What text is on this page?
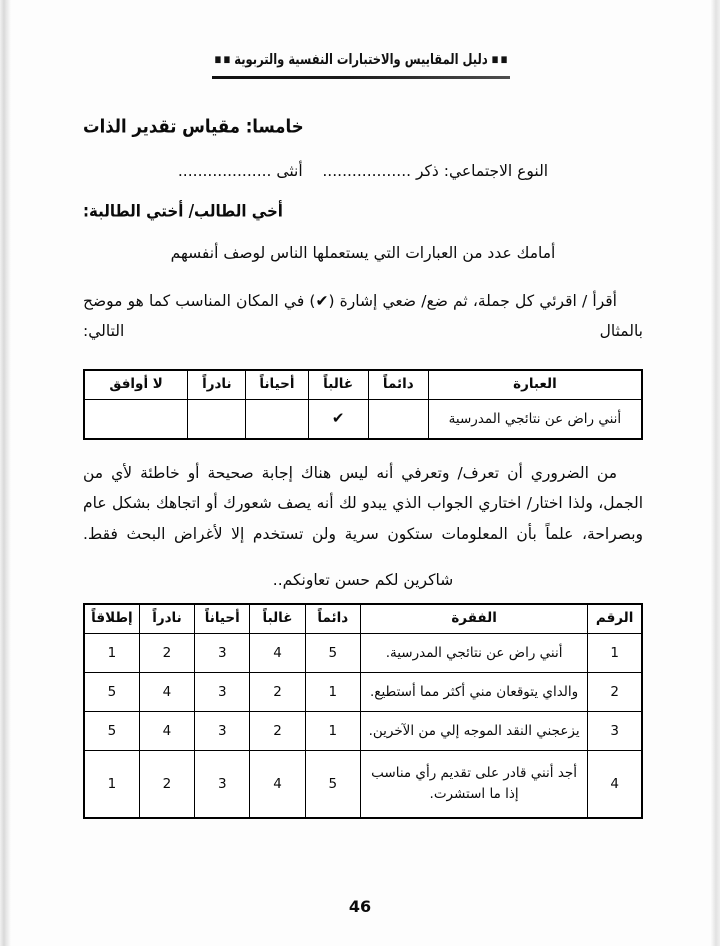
■ ■ دليل المقاييس والاختبارات النفسية والتربوية ■ ■
خامسا: مقياس تقدير الذات
النوع الاجتماعي: ذكر ..................    أنثى ...................
أخي الطالب/ أختي الطالبة:
أمامك عدد من العبارات التي يستعملها الناس لوصف أنفسهم
أقرأ / اقرئي كل جملة، ثم ضع/ ضعي إشارة (✔) في المكان المناسب كما هو موضح بالمثال التالي:
العبارة	دائماً	غالباً	أحياناً	نادراً	لا أوافق
أنني راض عن نتائجي المدرسية		✔			
من الضروري أن تعرف/ وتعرفي أنه ليس هناك إجابة صحيحة أو خاطئة لأي من الجمل، ولذا اختار/ اختاري الجواب الذي يبدو لك أنه يصف شعورك أو اتجاهك بشكل عام وبصراحة، علماً بأن المعلومات ستكون سرية ولن تستخدم إلا لأغراض البحث فقط.
شاكرين لكم حسن تعاونكم..
الرقم	الفقرة	دائماً	غالباً	أحياناً	نادراً	إطلاقاً
1	أنني راض عن نتائجي المدرسية.	5	4	3	2	1
2	والداي يتوقعان مني أكثر مما أستطيع.	1	2	3	4	5
3	يزعجني النقد الموجه إلي من الآخرين.	1	2	3	4	5
4	أجد أنني قادر على تقديم رأي مناسب إذا ما استشرت.	5	4	3	2	1
46
